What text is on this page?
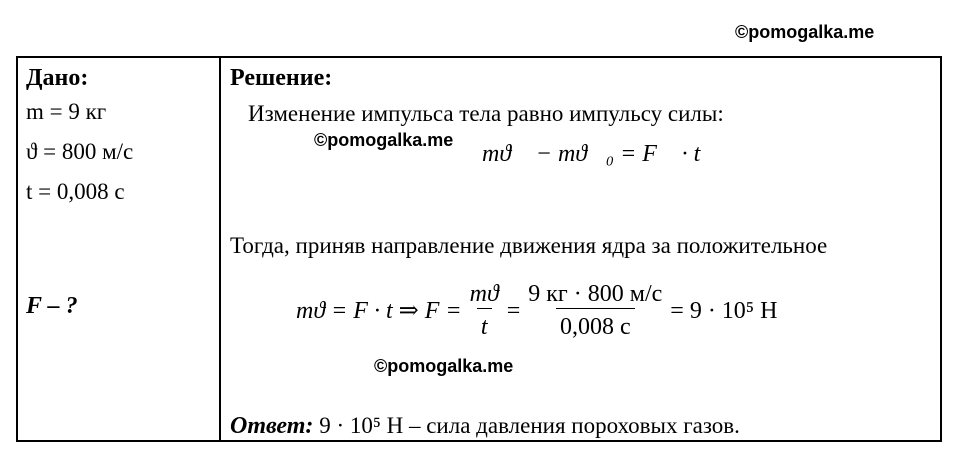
©pomogalka.me
Дано:
m = 9 кг
ϑ = 800 м/с
t = 0,008 с
F – ?
Решение:
Изменение импульса тела равно импульсу силы:
©pomogalka.me
mϑ⃗ − mϑ⃗₀ = F⃗ · t
Тогда, приняв направление движения ядра за положительное
mϑ = F · t ⇒ $F = \frac{mϑ}{t} = \frac{9 кг \cdot 800 м/с}{0,008 с} = 9 \cdot 10^5$ Н
©pomogalka.me
Ответ: 9 · 10⁵ Н – сила давления пороховых газов.
